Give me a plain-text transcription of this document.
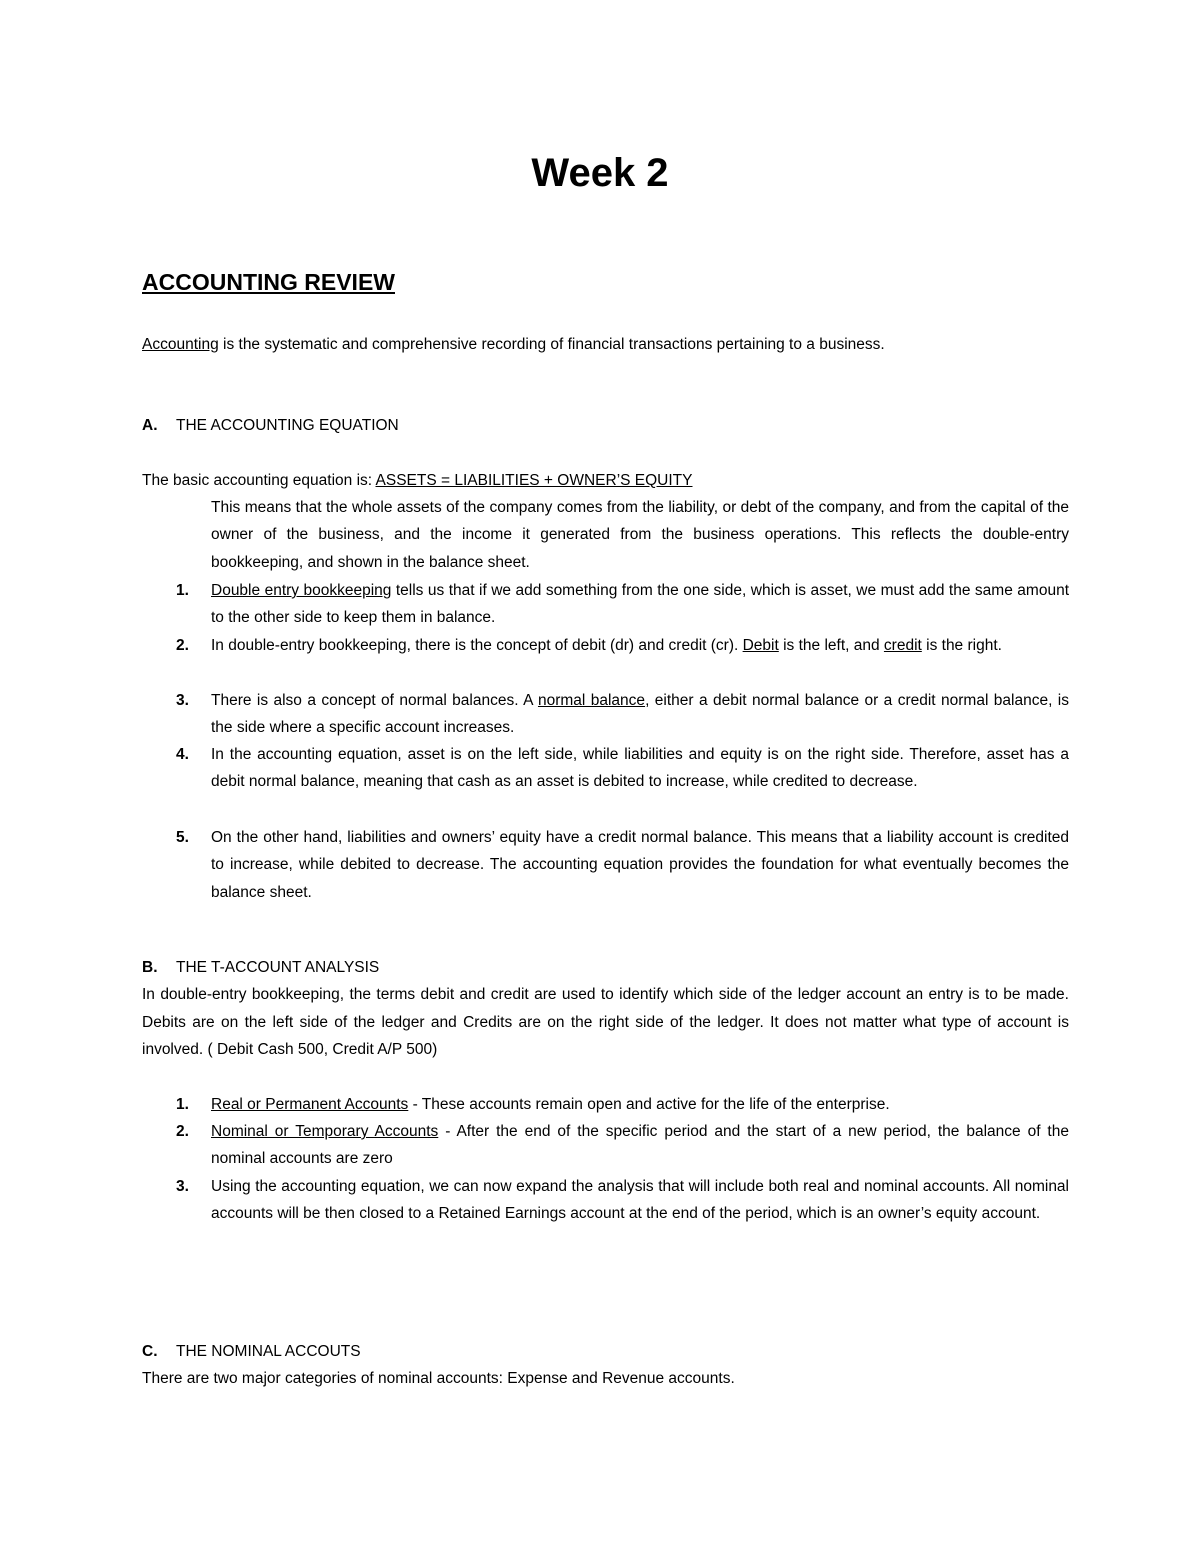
Week 2
ACCOUNTING REVIEW
Accounting is the systematic and comprehensive recording of financial transactions pertaining to a business.
A. THE ACCOUNTING EQUATION
The basic accounting equation is: ASSETS = LIABILITIES + OWNER’S EQUITY
This means that the whole assets of the company comes from the liability, or debt of the company, and from the capital of the owner of the business, and the income it generated from the business operations. This reflects the double-entry bookkeeping, and shown in the balance sheet.
1. Double entry bookkeeping tells us that if we add something from the one side, which is asset, we must add the same amount to the other side to keep them in balance.
2. In double-entry bookkeeping, there is the concept of debit (dr) and credit (cr). Debit is the left, and credit is the right.
3. There is also a concept of normal balances. A normal balance, either a debit normal balance or a credit normal balance, is the side where a specific account increases.
4. In the accounting equation, asset is on the left side, while liabilities and equity is on the right side. Therefore, asset has a debit normal balance, meaning that cash as an asset is debited to increase, while credited to decrease.
5. On the other hand, liabilities and owners’ equity have a credit normal balance. This means that a liability account is credited to increase, while debited to decrease. The accounting equation provides the foundation for what eventually becomes the balance sheet.
B. THE T-ACCOUNT ANALYSIS
In double-entry bookkeeping, the terms debit and credit are used to identify which side of the ledger account an entry is to be made. Debits are on the left side of the ledger and Credits are on the right side of the ledger. It does not matter what type of account is involved. ( Debit Cash 500, Credit A/P 500)
1. Real or Permanent Accounts - These accounts remain open and active for the life of the enterprise.
2. Nominal or Temporary Accounts - After the end of the specific period and the start of a new period, the balance of the nominal accounts are zero
3. Using the accounting equation, we can now expand the analysis that will include both real and nominal accounts. All nominal accounts will be then closed to a Retained Earnings account at the end of the period, which is an owner’s equity account.
C. THE NOMINAL ACCOUTS
There are two major categories of nominal accounts: Expense and Revenue accounts.
